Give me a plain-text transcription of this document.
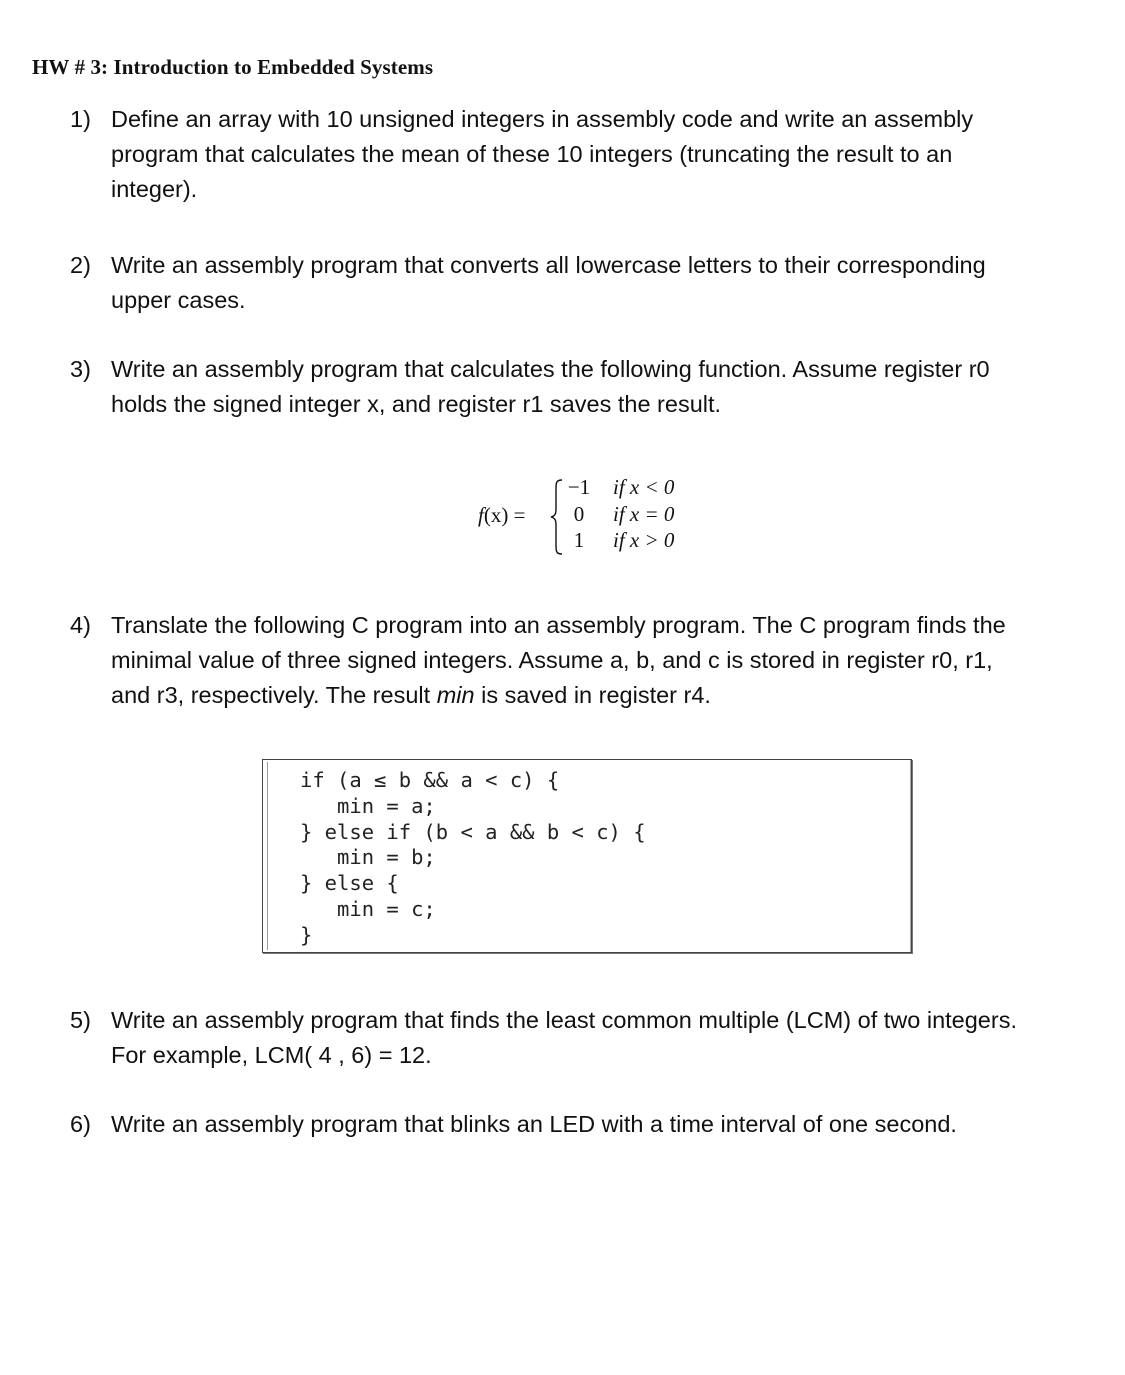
HW # 3: Introduction to Embedded Systems
1) Define an array with 10 unsigned integers in assembly code and write an assembly
program that calculates the mean of these 10 integers (truncating the result to an
integer).
2) Write an assembly program that converts all lowercase letters to their corresponding
upper cases.
3) Write an assembly program that calculates the following function. Assume register r0
holds the signed integer x, and register r1 saves the result.
f(x) =
−1 if x < 0
0	if x = 0
1	if x > 0
4) Translate the following C program into an assembly program. The C program finds the
minimal value of three signed integers. Assume a, b, and c is stored in register r0, r1,
and r3, respectively. The result min is saved in register r4.
if (a ≤ b && a < c) {
min = a;
} else if (b < a && b < c) {
min = b;
} else {
min = c;
}
5) Write an assembly program that finds the least common multiple (LCM) of two integers.
For example, LCM( 4 , 6) = 12.
6) Write an assembly program that blinks an LED with a time interval of one second.
